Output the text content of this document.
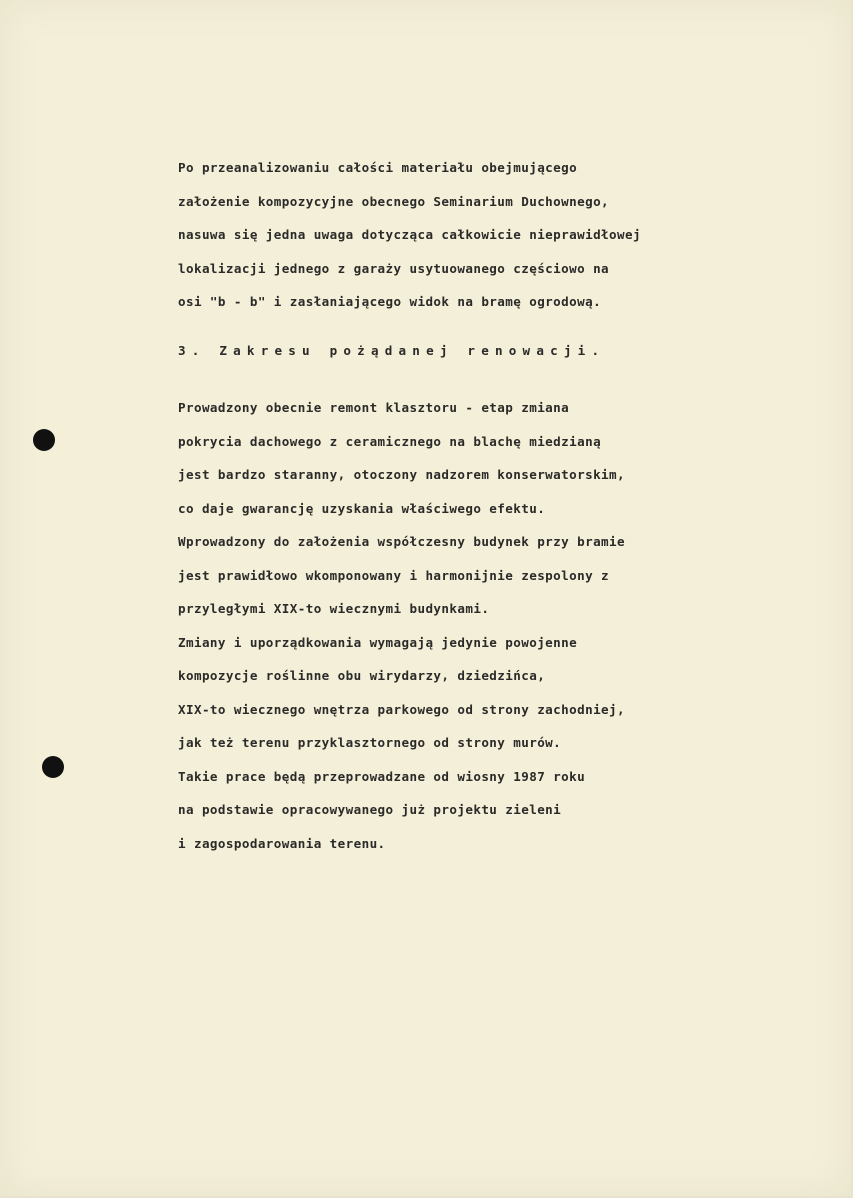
Po przeanalizowaniu całości materiału obejmującego
założenie kompozycyjne obecnego Seminarium Duchownego,
nasuwa się jedna uwaga dotycząca całkowicie nieprawidłowej
lokalizacji jednego z garaży usytuowanego częściowo na
osi "b - b" i zasłaniającego widok na bramę ogrodową.
3. Zakresu pożądanej renowacji.
Prowadzony obecnie remont klasztoru - etap zmiana
pokrycia dachowego z ceramicznego na blachę miedzianą
jest bardzo staranny, otoczony nadzorem konserwatorskim,
co daje gwarancję uzyskania właściwego efektu.
Wprowadzony do założenia współczesny budynek przy bramie
jest prawidłowo wkomponowany i harmonijnie zespolony z
przyległymi XIX-to wiecznymi budynkami.
Zmiany i uporządkowania wymagają jedynie powojenne
kompozycje roślinne obu wirydarzy, dziedzińca,
XIX-to wiecznego wnętrza parkowego od strony zachodniej,
jak też terenu przyklasztornego od strony murów.
Takie prace będą przeprowadzane od wiosny 1987 roku
na podstawie opracowywanego już projektu zieleni
i zagospodarowania terenu.
